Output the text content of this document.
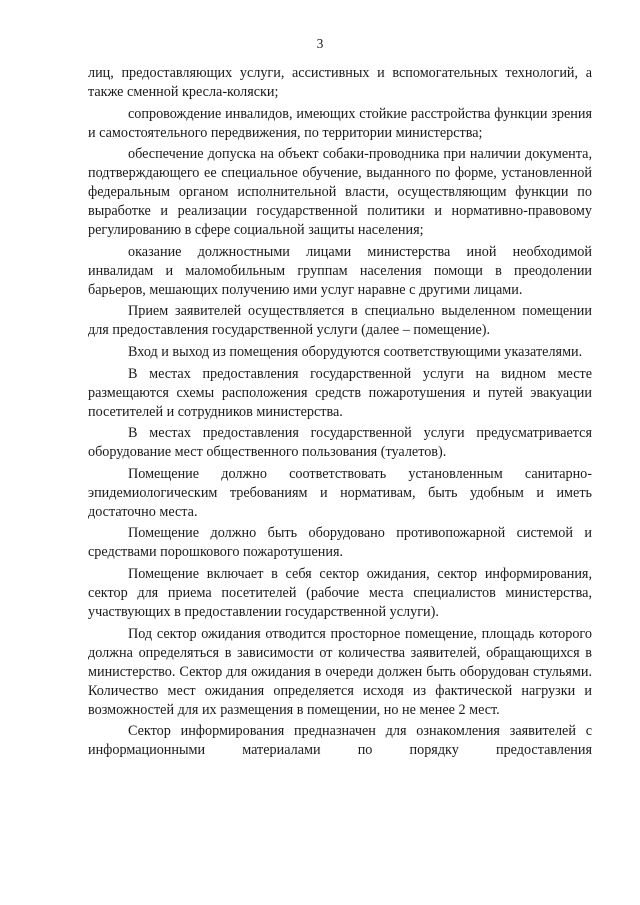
3

лиц, предоставляющих услуги, ассистивных и вспомогательных технологий, а также сменной кресла-коляски;

сопровождение инвалидов, имеющих стойкие расстройства функции зрения и самостоятельного передвижения, по территории министерства;

обеспечение допуска на объект собаки-проводника при наличии документа, подтверждающего ее специальное обучение, выданного по форме, установленной федеральным органом исполнительной власти, осуществляющим функции по выработке и реализации государственной политики и нормативно-правовому регулированию в сфере социальной защиты населения;

оказание должностными лицами министерства иной необходимой инвалидам и маломобильным группам населения помощи в преодолении барьеров, мешающих получению ими услуг наравне с другими лицами.

Прием заявителей осуществляется в специально выделенном помещении для предоставления государственной услуги (далее – помещение).

Вход и выход из помещения оборудуются соответствующими указателями.

В местах предоставления государственной услуги на видном месте размещаются схемы расположения средств пожаротушения и путей эвакуации посетителей и сотрудников министерства.

В местах предоставления государственной услуги предусматривается оборудование мест общественного пользования (туалетов).

Помещение должно соответствовать установленным санитарно-эпидемиологическим требованиям и нормативам, быть удобным и иметь достаточно места.

Помещение должно быть оборудовано противопожарной системой и средствами порошкового пожаротушения.

Помещение включает в себя сектор ожидания, сектор информирования, сектор для приема посетителей (рабочие места специалистов министерства, участвующих в предоставлении государственной услуги).

Под сектор ожидания отводится просторное помещение, площадь которого должна определяться в зависимости от количества заявителей, обращающихся в министерство. Сектор для ожидания в очереди должен быть оборудован стульями. Количество мест ожидания определяется исходя из фактической нагрузки и возможностей для их размещения в помещении, но не менее 2 мест.

Сектор информирования предназначен для ознакомления заявителей с информационными материалами по порядку предоставления
